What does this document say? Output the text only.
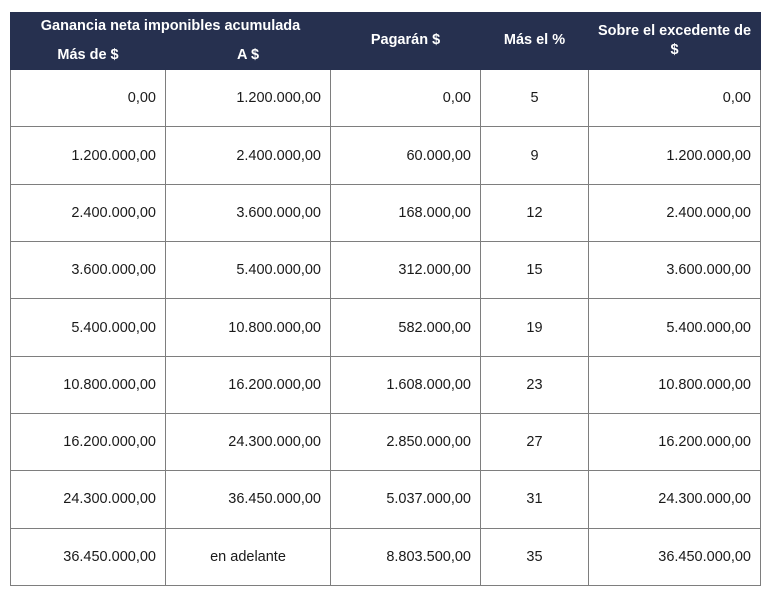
Ganancia neta imponibles acumulada		Pagarán $	Más el %	Sobre el excedente de $
Más de $	A $			
0,00	1.200.000,00	0,00	5	0,00
1.200.000,00	2.400.000,00	60.000,00	9	1.200.000,00
2.400.000,00	3.600.000,00	168.000,00	12	2.400.000,00
3.600.000,00	5.400.000,00	312.000,00	15	3.600.000,00
5.400.000,00	10.800.000,00	582.000,00	19	5.400.000,00
10.800.000,00	16.200.000,00	1.608.000,00	23	10.800.000,00
16.200.000,00	24.300.000,00	2.850.000,00	27	16.200.000,00
24.300.000,00	36.450.000,00	5.037.000,00	31	24.300.000,00
36.450.000,00	en adelante	8.803.500,00	35	36.450.000,00
